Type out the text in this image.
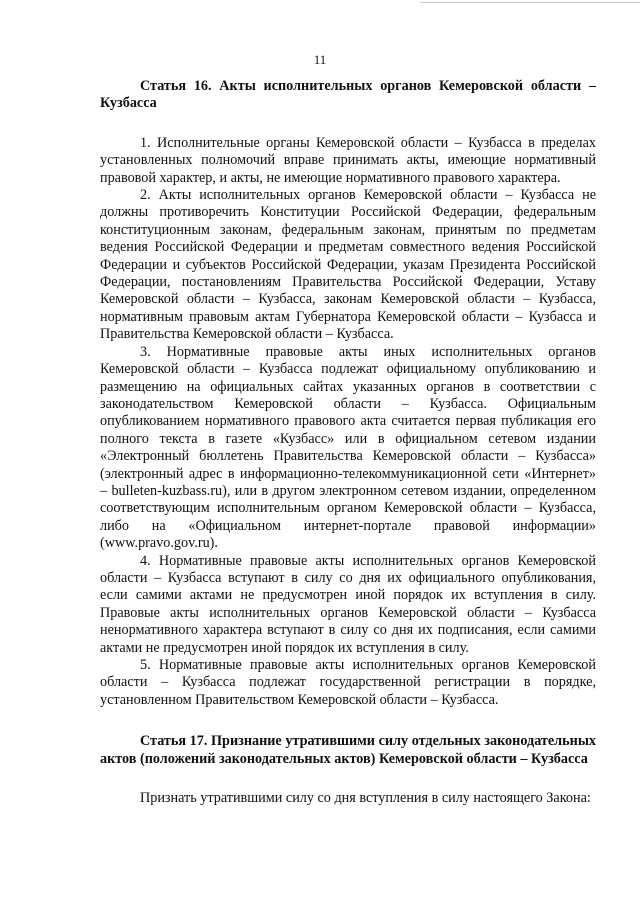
11

Статья 16. Акты исполнительных органов Кемеровской области – Кузбасса

1. Исполнительные органы Кемеровской области – Кузбасса в пределах установленных полномочий вправе принимать акты, имеющие нормативный правовой характер, и акты, не имеющие нормативного правового характера.

2. Акты исполнительных органов Кемеровской области – Кузбасса не должны противоречить Конституции Российской Федерации, федеральным конституционным законам, федеральным законам, принятым по предметам ведения Российской Федерации и предметам совместного ведения Российской Федерации и субъектов Российской Федерации, указам Президента Российской Федерации, постановлениям Правительства Российской Федерации, Уставу Кемеровской области – Кузбасса, законам Кемеровской области – Кузбасса, нормативным правовым актам Губернатора Кемеровской области – Кузбасса и Правительства Кемеровской области – Кузбасса.

3. Нормативные правовые акты иных исполнительных органов Кемеровской области – Кузбасса подлежат официальному опубликованию и размещению на официальных сайтах указанных органов в соответствии с законодательством Кемеровской области – Кузбасса. Официальным опубликованием нормативного правового акта считается первая публикация его полного текста в газете «Кузбасс» или в официальном сетевом издании «Электронный бюллетень Правительства Кемеровской области – Кузбасса» (электронный адрес в информационно-телекоммуникационной сети «Интернет» – bulleten-kuzbass.ru), или в другом электронном сетевом издании, определенном соответствующим исполнительным органом Кемеровской области – Кузбасса, либо на «Официальном интернет-портале правовой информации» (www.pravo.gov.ru).

4. Нормативные правовые акты исполнительных органов Кемеровской области – Кузбасса вступают в силу со дня их официального опубликования, если самими актами не предусмотрен иной порядок их вступления в силу. Правовые акты исполнительных органов Кемеровской области – Кузбасса ненормативного характера вступают в силу со дня их подписания, если самими актами не предусмотрен иной порядок их вступления в силу.

5. Нормативные правовые акты исполнительных органов Кемеровской области – Кузбасса подлежат государственной регистрации в порядке, установленном Правительством Кемеровской области – Кузбасса.

Статья 17. Признание утратившими силу отдельных законодательных актов (положений законодательных актов) Кемеровской области – Кузбасса

Признать утратившими силу со дня вступления в силу настоящего Закона:
